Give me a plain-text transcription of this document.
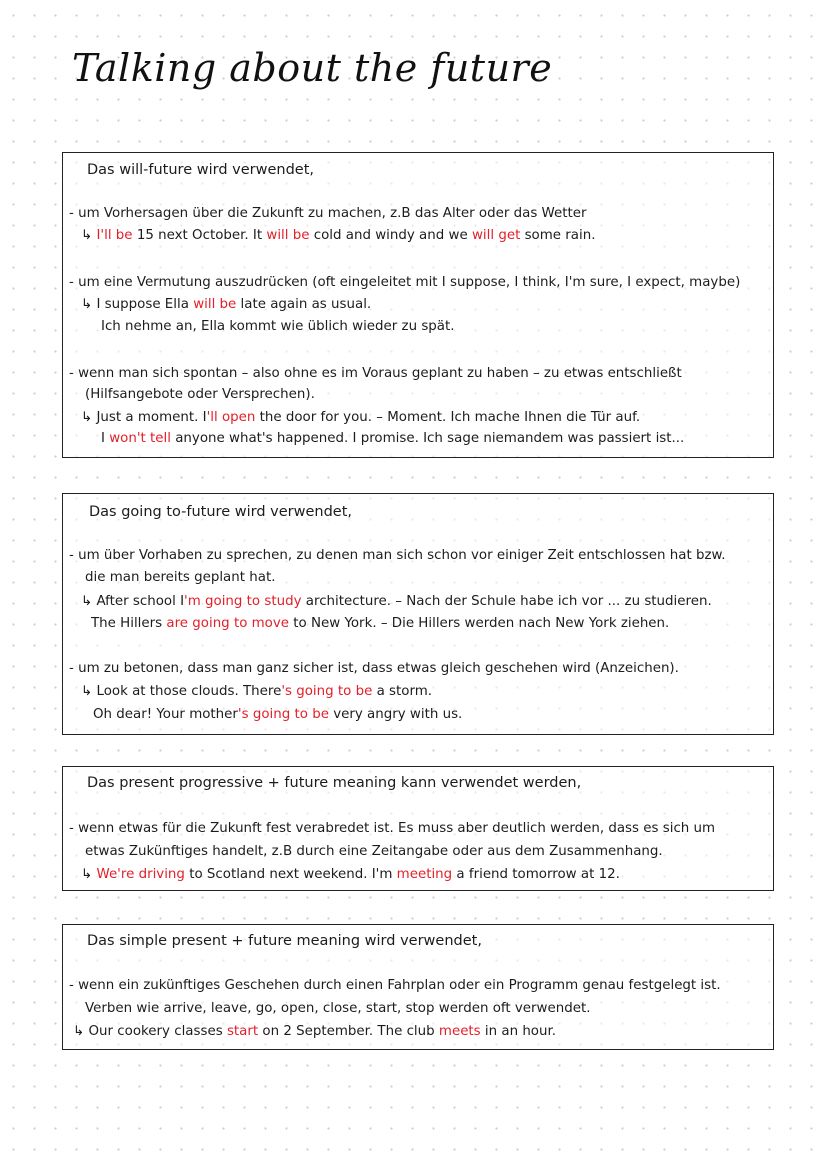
Talking about the future
Das will-future wird verwendet,
- um Vorhersagen über die Zukunft zu machen, z.B das Alter oder das Wetter
↳ I'll be 15 next October. It will be cold and windy and we will get some rain.
- um eine Vermutung auszudrücken (oft eingeleitet mit I suppose, I think, I'm sure, I expect, maybe)
↳ I suppose Ella will be late again as usual.
Ich nehme an, Ella kommt wie üblich wieder zu spät.
- wenn man sich spontan – also ohne es im Voraus geplant zu haben – zu etwas entschließt
(Hilfsangebote oder Versprechen).
↳ Just a moment. I'll open the door for you. – Moment. Ich mache Ihnen die Tür auf.
I won't tell anyone what's happened. I promise. Ich sage niemandem was passiert ist...
Das going to-future wird verwendet,
- um über Vorhaben zu sprechen, zu denen man sich schon vor einiger Zeit entschlossen hat bzw.
die man bereits geplant hat.
↳ After school I'm going to study architecture. – Nach der Schule habe ich vor ... zu studieren.
The Hillers are going to move to New York. – Die Hillers werden nach New York ziehen.
- um zu betonen, dass man ganz sicher ist, dass etwas gleich geschehen wird (Anzeichen).
↳ Look at those clouds. There's going to be a storm.
Oh dear! Your mother's going to be very angry with us.
Das present progressive + future meaning kann verwendet werden,
- wenn etwas für die Zukunft fest verabredet ist. Es muss aber deutlich werden, dass es sich um
etwas Zukünftiges handelt, z.B durch eine Zeitangabe oder aus dem Zusammenhang.
↳ We're driving to Scotland next weekend. I'm meeting a friend tomorrow at 12.
Das simple present + future meaning wird verwendet,
- wenn ein zukünftiges Geschehen durch einen Fahrplan oder ein Programm genau festgelegt ist.
Verben wie arrive, leave, go, open, close, start, stop werden oft verwendet.
↳ Our cookery classes start on 2 September. The club meets in an hour.
